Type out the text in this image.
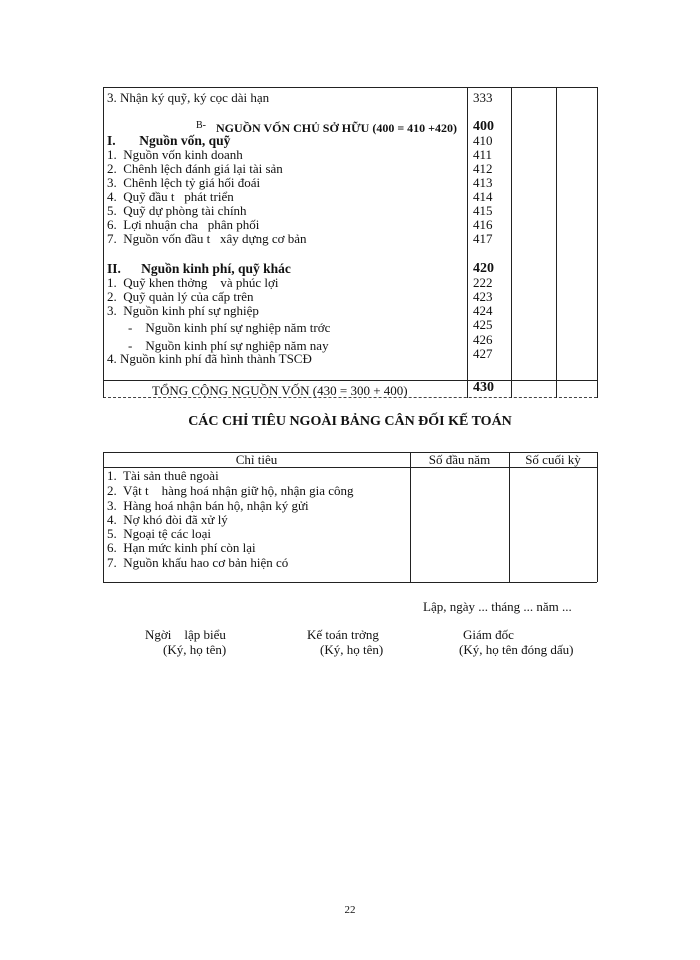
3. Nhận ký quỹ, ký cọc dài hạn	333
B- NGUỒN VỐN CHỦ SỞ HỮU (400 = 410 +420) 400
I.       Nguồn vốn, quỹ	410
1.  Nguồn vốn kinh doanh	411
2.  Chênh lệch đánh giá lại tài sản	412
3.  Chênh lệch tỷ giá hối đoái	413
4.  Quỹ đầu t   phát triển	414
5.  Quỹ dự phòng tài chính	415
6.  Lợi nhuận cha   phân phối	416
7.  Nguồn vốn đầu t   xây dựng cơ bản	417
II.      Nguồn kinh phí, quỹ khác	420
1.  Quỹ khen thởng    và phúc lợi	222
2.  Quỹ quản lý của cấp trên	423
3.  Nguồn kinh phí sự nghiệp	424
-    Nguồn kinh phí sự nghiệp năm trớc	425
-    Nguồn kinh phí sự nghiệp năm nay	426
4. Nguồn kinh phí đã hình thành TSCĐ	427
TỔNG CỘNG NGUỒN VỐN (430 = 300 + 400)	430
CÁC CHỈ TIÊU NGOÀI BẢNG CÂN ĐỐI KẾ TOÁN
Chỉ tiêu	Số đầu năm	Số cuối kỳ
1.  Tài sản thuê ngoài
2.  Vật t    hàng hoá nhận giữ hộ, nhận gia công
3.  Hàng hoá nhận bán hộ, nhận ký gửi
4.  Nợ khó đòi đã xử lý
5.  Ngoại tệ các loại
6.  Hạn mức kinh phí còn lại
7.  Nguồn khấu hao cơ bản hiện có
Lập, ngày ... tháng ... năm ...
Ngời    lập biểu
(Ký, họ tên)
Kế toán trởng
(Ký, họ tên)
Giám đốc
(Ký, họ tên đóng dấu)
22
